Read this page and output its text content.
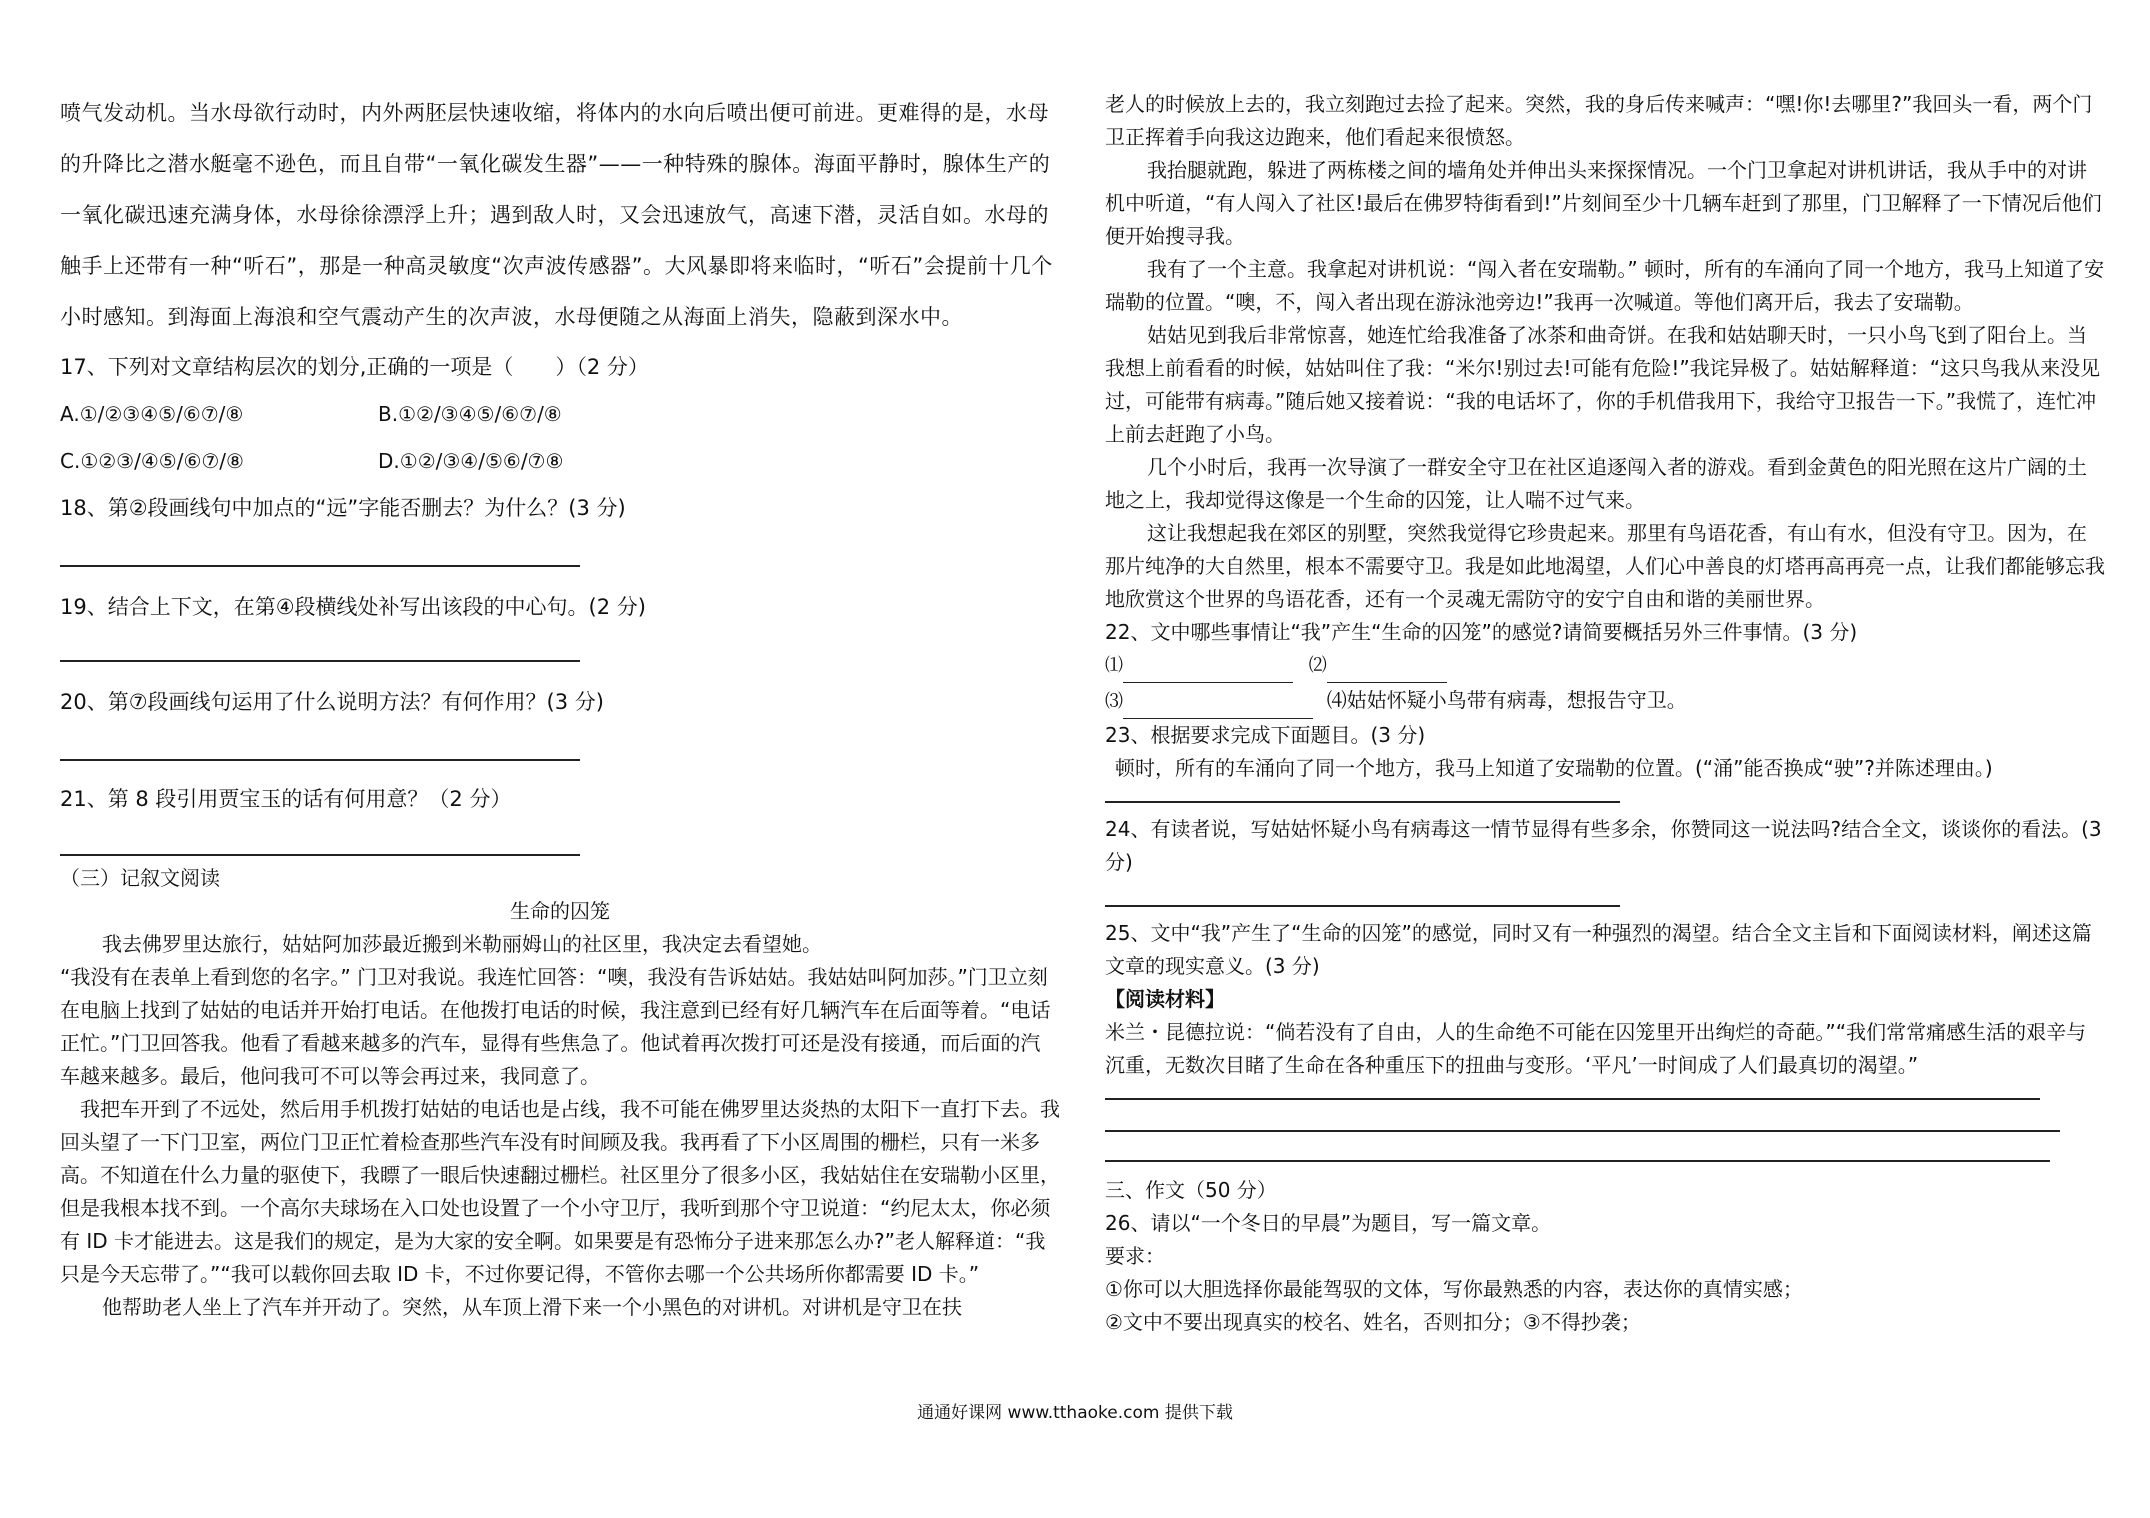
喷气发动机。当水母欲行动时，内外两胚层快速收缩，将体内的水向后喷出便可前进。更难得的是，水母的升降比之潜水艇毫不逊色，而且自带“一氧化碳发生器”——一种特殊的腺体。海面平静时，腺体生产的一氧化碳迅速充满身体，水母徐徐漂浮上升；遇到敌人时，又会迅速放气，高速下潜，灵活自如。水母的触手上还带有一种“听石”，那是一种高灵敏度“次声波传感器”。大风暴即将来临时，“听石”会提前十几个小时感知。到海面上海浪和空气震动产生的次声波，水母便随之从海面上消失，隐蔽到深水中。

17、下列对文章结构层次的划分,正确的一项是（　　）（2 分）

A.①/②③④⑤/⑥⑦/⑧	B.①②/③④⑤/⑥⑦/⑧
C.①②③/④⑤/⑥⑦/⑧	D.①②/③④/⑤⑥/⑦⑧

18、第②段画线句中加点的“远”字能否删去？为什么？(3 分)

19、结合上下文，在第④段横线处补写出该段的中心句。(2 分)

20、第⑦段画线句运用了什么说明方法？有何作用？(3 分)

21、第 8 段引用贾宝玉的话有何用意？（2 分）

（三）记叙文阅读

生命的囚笼

我去佛罗里达旅行，姑姑阿加莎最近搬到米勒丽姆山的社区里，我决定去看望她。

“我没有在表单上看到您的名字。” 门卫对我说。我连忙回答：“噢，我没有告诉姑姑。我姑姑叫阿加莎。”门卫立刻在电脑上找到了姑姑的电话并开始打电话。在他拨打电话的时候，我注意到已经有好几辆汽车在后面等着。“电话正忙。”门卫回答我。他看了看越来越多的汽车，显得有些焦急了。他试着再次拨打可还是没有接通，而后面的汽车越来越多。最后，他问我可不可以等会再过来，我同意了。

我把车开到了不远处，然后用手机拨打姑姑的电话也是占线，我不可能在佛罗里达炎热的太阳下一直打下去。我回头望了一下门卫室，两位门卫正忙着检查那些汽车没有时间顾及我。我再看了下小区周围的栅栏，只有一米多高。不知道在什么力量的驱使下，我瞟了一眼后快速翻过栅栏。社区里分了很多小区，我姑姑住在安瑞勒小区里，但是我根本找不到。一个高尔夫球场在入口处也设置了一个小守卫厅，我听到那个守卫说道：“约尼太太，你必须有 ID 卡才能进去。这是我们的规定，是为大家的安全啊。如果要是有恐怖分子进来那怎么办?”老人解释道：“我只是今天忘带了。”“我可以载你回去取 ID 卡，不过你要记得，不管你去哪一个公共场所你都需要 ID 卡。”

他帮助老人坐上了汽车并开动了。突然，从车顶上滑下来一个小黑色的对讲机。对讲机是守卫在扶

老人的时候放上去的，我立刻跑过去捡了起来。突然，我的身后传来喊声：“嘿!你!去哪里?”我回头一看，两个门卫正挥着手向我这边跑来，他们看起来很愤怒。

我抬腿就跑，躲进了两栋楼之间的墙角处并伸出头来探探情况。一个门卫拿起对讲机讲话，我从手中的对讲机中听道，“有人闯入了社区!最后在佛罗特街看到!”片刻间至少十几辆车赶到了那里，门卫解释了一下情况后他们便开始搜寻我。

我有了一个主意。我拿起对讲机说：“闯入者在安瑞勒。” 顿时，所有的车涌向了同一个地方，我马上知道了安瑞勒的位置。“噢，不，闯入者出现在游泳池旁边!”我再一次喊道。等他们离开后，我去了安瑞勒。

姑姑见到我后非常惊喜，她连忙给我准备了冰茶和曲奇饼。在我和姑姑聊天时，一只小鸟飞到了阳台上。当我想上前看看的时候，姑姑叫住了我：“米尔!别过去!可能有危险!”我诧异极了。姑姑解释道：“这只鸟我从来没见过，可能带有病毒。”随后她又接着说：“我的电话坏了，你的手机借我用下，我给守卫报告一下。”我慌了，连忙冲上前去赶跑了小鸟。

几个小时后，我再一次导演了一群安全守卫在社区追逐闯入者的游戏。看到金黄色的阳光照在这片广阔的土地之上，我却觉得这像是一个生命的囚笼，让人喘不过气来。

这让我想起我在郊区的别墅，突然我觉得它珍贵起来。那里有鸟语花香，有山有水，但没有守卫。因为，在那片纯净的大自然里，根本不需要守卫。我是如此地渴望，人们心中善良的灯塔再高再亮一点，让我们都能够忘我地欣赏这个世界的鸟语花香，还有一个灵魂无需防守的安宁自由和谐的美丽世界。

22、文中哪些事情让“我”产生“生命的囚笼”的感觉?请简要概括另外三件事情。(3 分)

⑴	⑵
⑶	⑷姑姑怀疑小鸟带有病毒，想报告守卫。

23、根据要求完成下面题目。(3 分)

顿时，所有的车涌向了同一个地方，我马上知道了安瑞勒的位置。(“涌”能否换成“驶”?并陈述理由。)

24、有读者说，写姑姑怀疑小鸟有病毒这一情节显得有些多余，你赞同这一说法吗?结合全文，谈谈你的看法。(3 分)

25、文中“我”产生了“生命的囚笼”的感觉，同时又有一种强烈的渴望。结合全文主旨和下面阅读材料，阐述这篇文章的现实意义。(3 分)

【阅读材料】

米兰・昆德拉说：“倘若没有了自由，人的生命绝不可能在囚笼里开出绚烂的奇葩。”“我们常常痛感生活的艰辛与沉重，无数次目睹了生命在各种重压下的扭曲与变形。‘平凡’一时间成了人们最真切的渴望。”

三、作文（50 分）

26、请以“一个冬日的早晨”为题目，写一篇文章。

要求：

①你可以大胆选择你最能驾驭的文体，写你最熟悉的内容，表达你的真情实感；

②文中不要出现真实的校名、姓名，否则扣分；③不得抄袭；

通通好课网 www.tthaoke.com 提供下载
